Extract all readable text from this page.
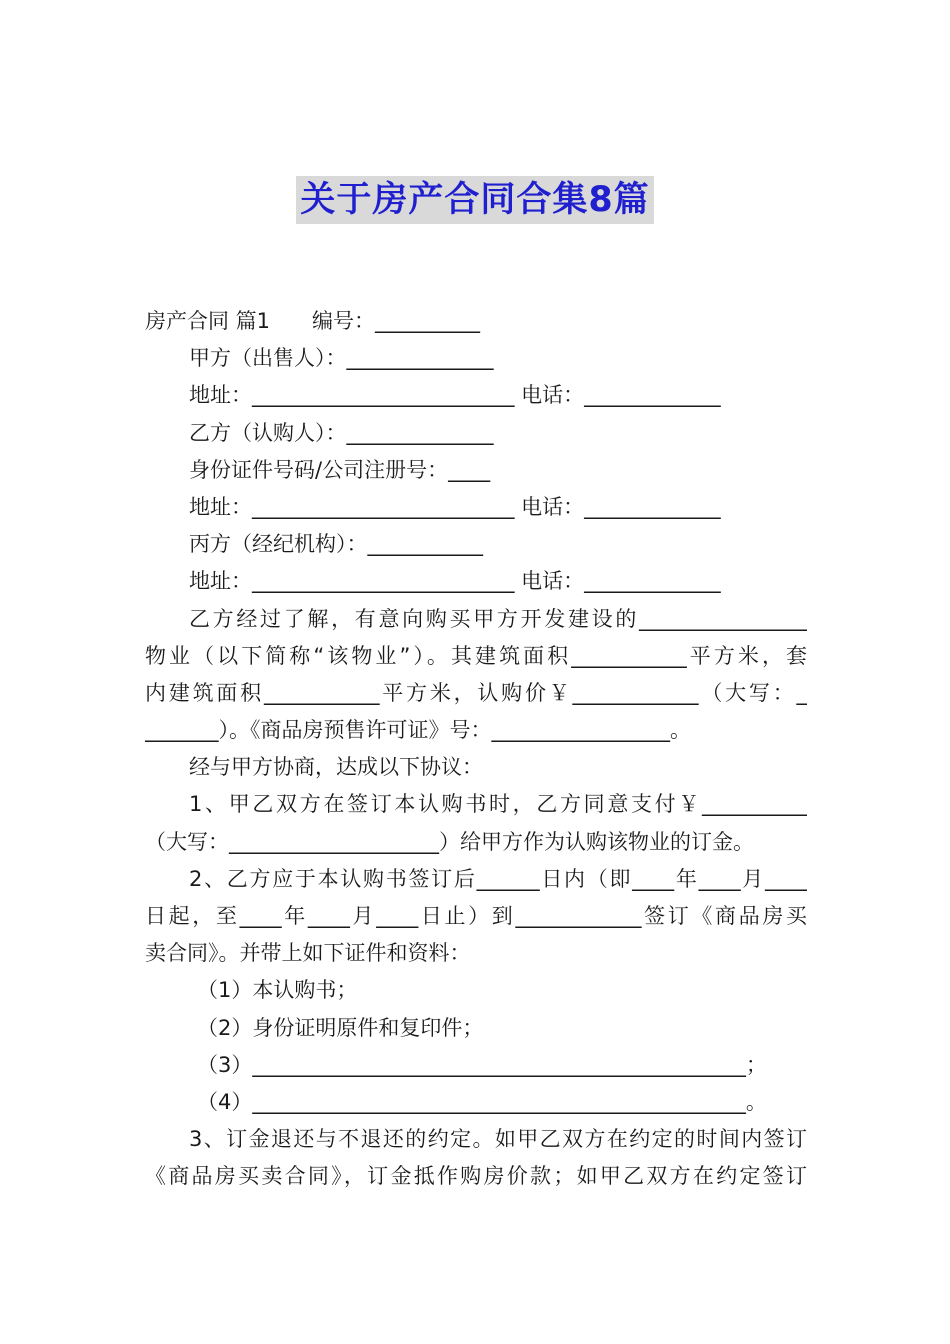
关于房产合同合集8篇
房产合同 篇1　　编号：__________
甲方（出售人）：______________
地址：_________________________ 电话：_____________
乙方（认购人）：______________
身份证件号码/公司注册号：____
地址：_________________________ 电话：_____________
丙方（经纪机构）：___________
地址：_________________________ 电话：_____________
乙方经过了解，有意向购买甲方开发建设的________________
物业（以下简称“该物业”）。其建筑面积___________平方米，套
内建筑面积___________平方米，认购价￥____________（大写：_
_______）。《商品房预售许可证》号：_________________。
经与甲方协商，达成以下协议：
1、甲乙双方在签订本认购书时，乙方同意支付￥__________
（大写：____________________）给甲方作为认购该物业的订金。
2、乙方应于本认购书签订后______日内（即____年____月____
日起，至____年____月____日止）到____________签订《商品房买
卖合同》。并带上如下证件和资料：
（1）本认购书；
（2）身份证明原件和复印件；
（3）_______________________________________________；
（4）_______________________________________________。
3、订金退还与不退还的约定。如甲乙双方在约定的时间内签订
《商品房买卖合同》，订金抵作购房价款；如甲乙双方在约定签订
